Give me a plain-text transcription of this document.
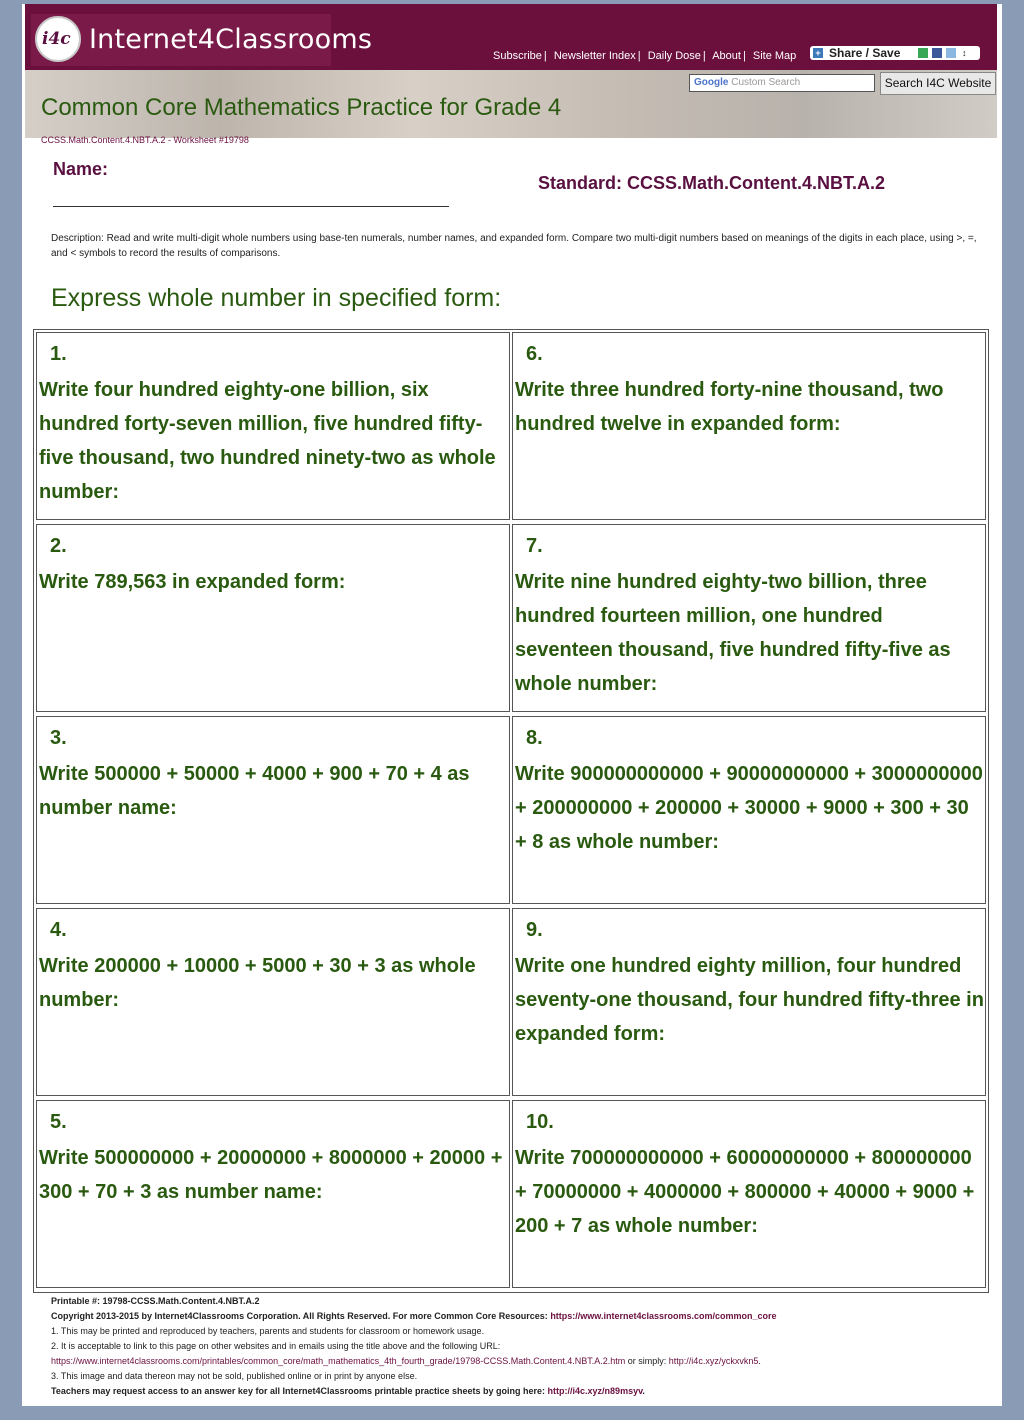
i4c Internet4Classrooms
Subscribe | Newsletter Index | Daily Dose | About | Site Map + Share / Save	↕
Google Custom Search	Search I4C Website
Common Core Mathematics Practice for Grade 4
CCSS.Math.Content.4.NBT.A.2 - Worksheet #19798
Name:
Standard: CCSS.Math.Content.4.NBT.A.2
Description: Read and write multi-digit whole numbers using base-ten numerals, number names, and expanded form. Compare two multi-digit numbers based on meanings of the digits in each place, using >, =, and < symbols to record the results of comparisons.
Express whole number in specified form:
1.
Write four hundred eighty-one billion, six hundred forty-seven million, five hundred fifty-five thousand, two hundred ninety-two as whole number:
2.
Write 789,563 in expanded form:
3.
Write 500000 + 50000 + 4000 + 900 + 70 + 4 as number name:
4.
Write 200000 + 10000 + 5000 + 30 + 3 as whole number:
5.
Write 500000000 + 20000000 + 8000000 + 20000 + 300 + 70 + 3 as number name:
6.
Write three hundred forty-nine thousand, two hundred twelve in expanded form:
7.
Write nine hundred eighty-two billion, three hundred fourteen million, one hundred seventeen thousand, five hundred fifty-five as whole number:
8.
Write 900000000000 + 90000000000 + 3000000000 + 200000000 + 200000 + 30000 + 9000 + 300 + 30 + 8 as whole number:
9.
Write one hundred eighty million, four hundred seventy-one thousand, four hundred fifty-three in expanded form:
10.
Write 700000000000 + 60000000000 + 800000000 + 70000000 + 4000000 + 800000 + 40000 + 9000 + 200 + 7 as whole number:
Printable #: 19798-CCSS.Math.Content.4.NBT.A.2
Copyright 2013-2015 by Internet4Classrooms Corporation. All Rights Reserved. For more Common Core Resources: https://www.internet4classrooms.com/common_core
1. This may be printed and reproduced by teachers, parents and students for classroom or homework usage.
2. It is acceptable to link to this page on other websites and in emails using the title above and the following URL:
https://www.internet4classrooms.com/printables/common_core/math_mathematics_4th_fourth_grade/19798-CCSS.Math.Content.4.NBT.A.2.htm or simply: http://i4c.xyz/yckxvkn5.
3. This image and data thereon may not be sold, published online or in print by anyone else.
Teachers may request access to an answer key for all Internet4Classrooms printable practice sheets by going here: http://i4c.xyz/n89msyv.
